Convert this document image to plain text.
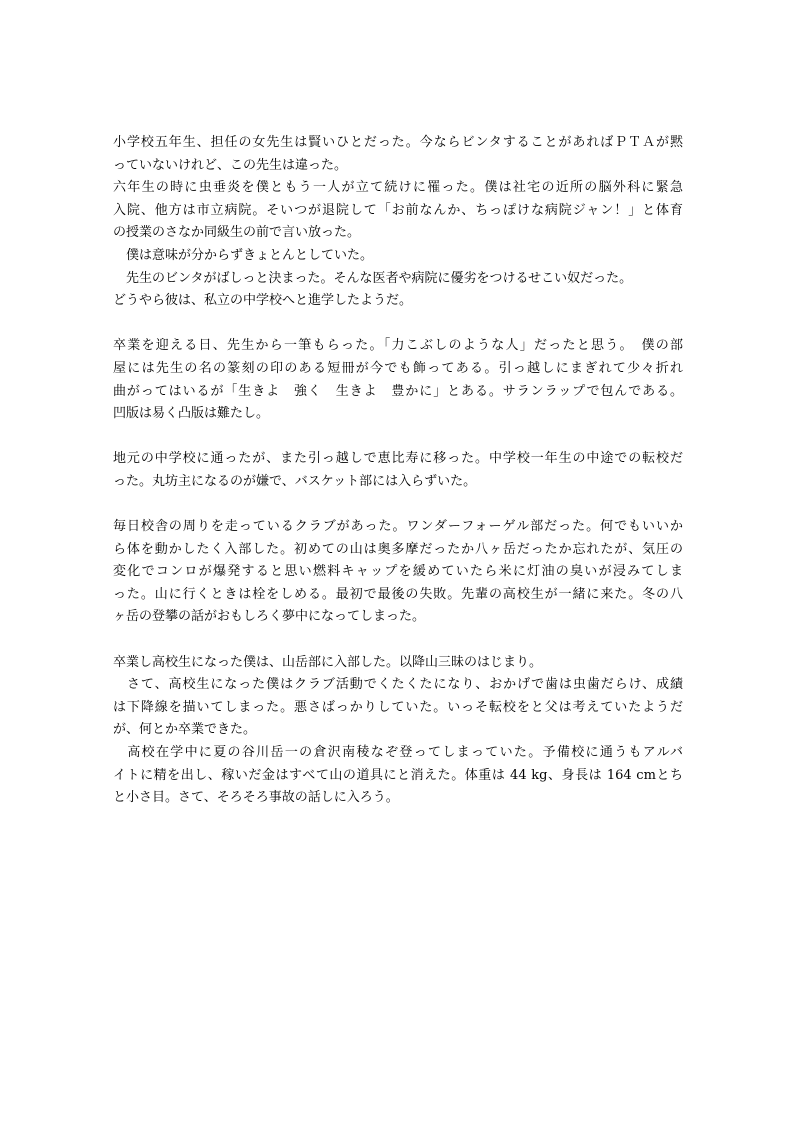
小学校五年生、担任の女先生は賢いひとだった。今ならビンタすることがあればＰＴＡが黙
っていないけれど、この先生は違った。
六年生の時に虫垂炎を僕ともう一人が立て続けに罹った。僕は社宅の近所の脳外科に緊急
入院、他方は市立病院。そいつが退院して「お前なんか、ちっぽけな病院ジャン！」と体育
の授業のさなか同級生の前で言い放った。
　僕は意味が分からずきょとんとしていた。
　先生のビンタがばしっと決まった。そんな医者や病院に優劣をつけるせこい奴だった。
どうやら彼は、私立の中学校へと進学したようだ。
卒業を迎える日、先生から一筆もらった。「力こぶしのような人」だったと思う。　僕の部
屋には先生の名の篆刻の印のある短冊が今でも飾ってある。引っ越しにまぎれて少々折れ
曲がってはいるが「生きよ　強く　生きよ　豊かに」とある。サランラップで包んである。
凹版は易く凸版は難たし。
地元の中学校に通ったが、また引っ越しで恵比寿に移った。中学校一年生の中途での転校だ
った。丸坊主になるのが嫌で、バスケット部には入らずいた。
毎日校舎の周りを走っているクラブがあった。ワンダーフォーゲル部だった。何でもいいか
ら体を動かしたく入部した。初めての山は奥多摩だったか八ヶ岳だったか忘れたが、気圧の
変化でコンロが爆発すると思い燃料キャップを緩めていたら米に灯油の臭いが浸みてしま
った。山に行くときは栓をしめる。最初で最後の失敗。先輩の高校生が一緒に来た。冬の八
ヶ岳の登攀の話がおもしろく夢中になってしまった。
卒業し高校生になった僕は、山岳部に入部した。以降山三昧のはじまり。
　さて、高校生になった僕はクラブ活動でくたくたになり、おかげで歯は虫歯だらけ、成績
は下降線を描いてしまった。悪さばっかりしていた。いっそ転校をと父は考えていたようだ
が、何とか卒業できた。
　高校在学中に夏の谷川岳一の倉沢南稜なぞ登ってしまっていた。予備校に通うもアルバ
イトに精を出し、稼いだ金はすべて山の道具にと消えた。体重は 44 kg、身長は 164 cmとち
と小さ目。さて、そろそろ事故の話しに入ろう。
